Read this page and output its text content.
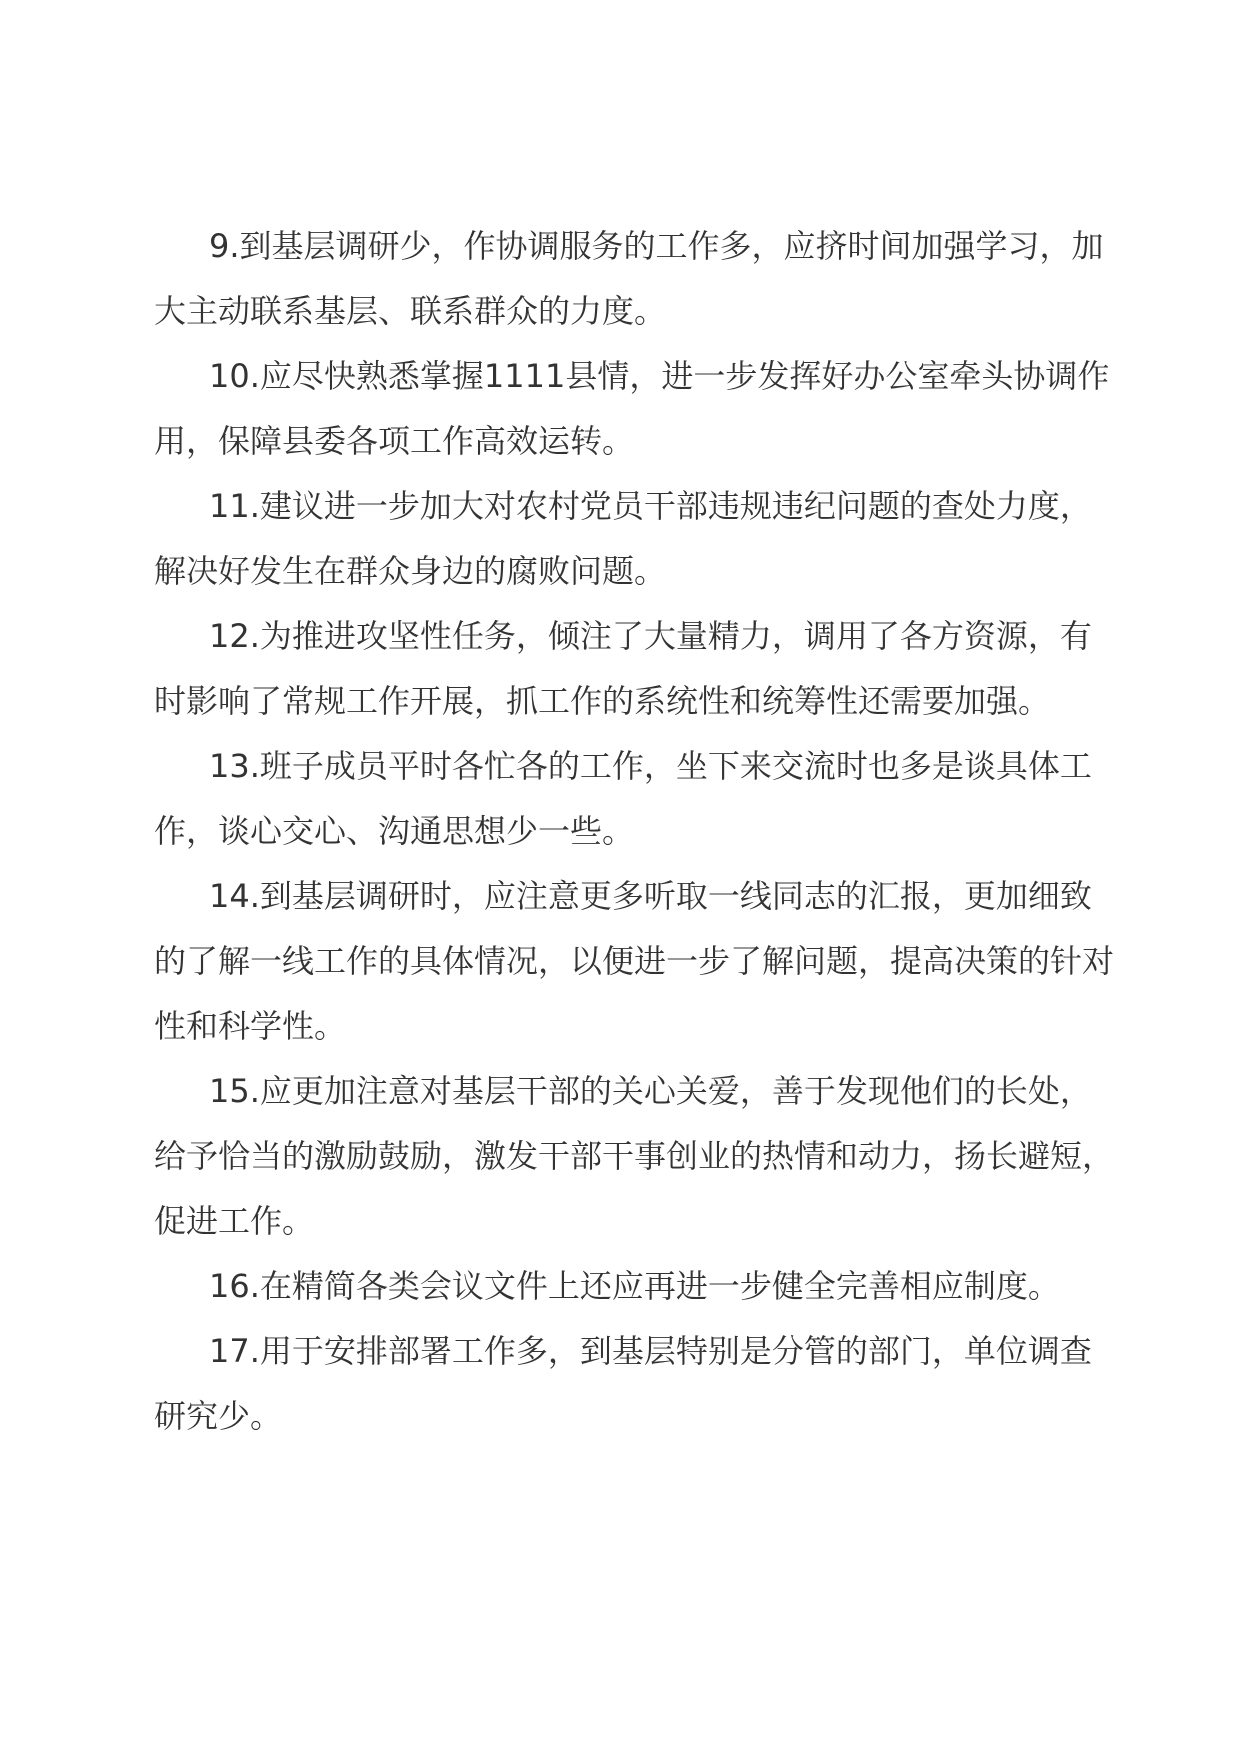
9.到基层调研少，作协调服务的工作多，应挤时间加强学习，加大主动联系基层、联系群众的力度。

10.应尽快熟悉掌握1111县情，进一步发挥好办公室牵头协调作用，保障县委各项工作高效运转。

11.建议进一步加大对农村党员干部违规违纪问题的查处力度，解决好发生在群众身边的腐败问题。

12.为推进攻坚性任务，倾注了大量精力，调用了各方资源，有时影响了常规工作开展，抓工作的系统性和统筹性还需要加强。

13.班子成员平时各忙各的工作，坐下来交流时也多是谈具体工作，谈心交心、沟通思想少一些。

14.到基层调研时，应注意更多听取一线同志的汇报，更加细致的了解一线工作的具体情况，以便进一步了解问题，提高决策的针对性和科学性。

15.应更加注意对基层干部的关心关爱，善于发现他们的长处，给予恰当的激励鼓励，激发干部干事创业的热情和动力，扬长避短，促进工作。

16.在精简各类会议文件上还应再进一步健全完善相应制度。

17.用于安排部署工作多，到基层特别是分管的部门，单位调查研究少。
